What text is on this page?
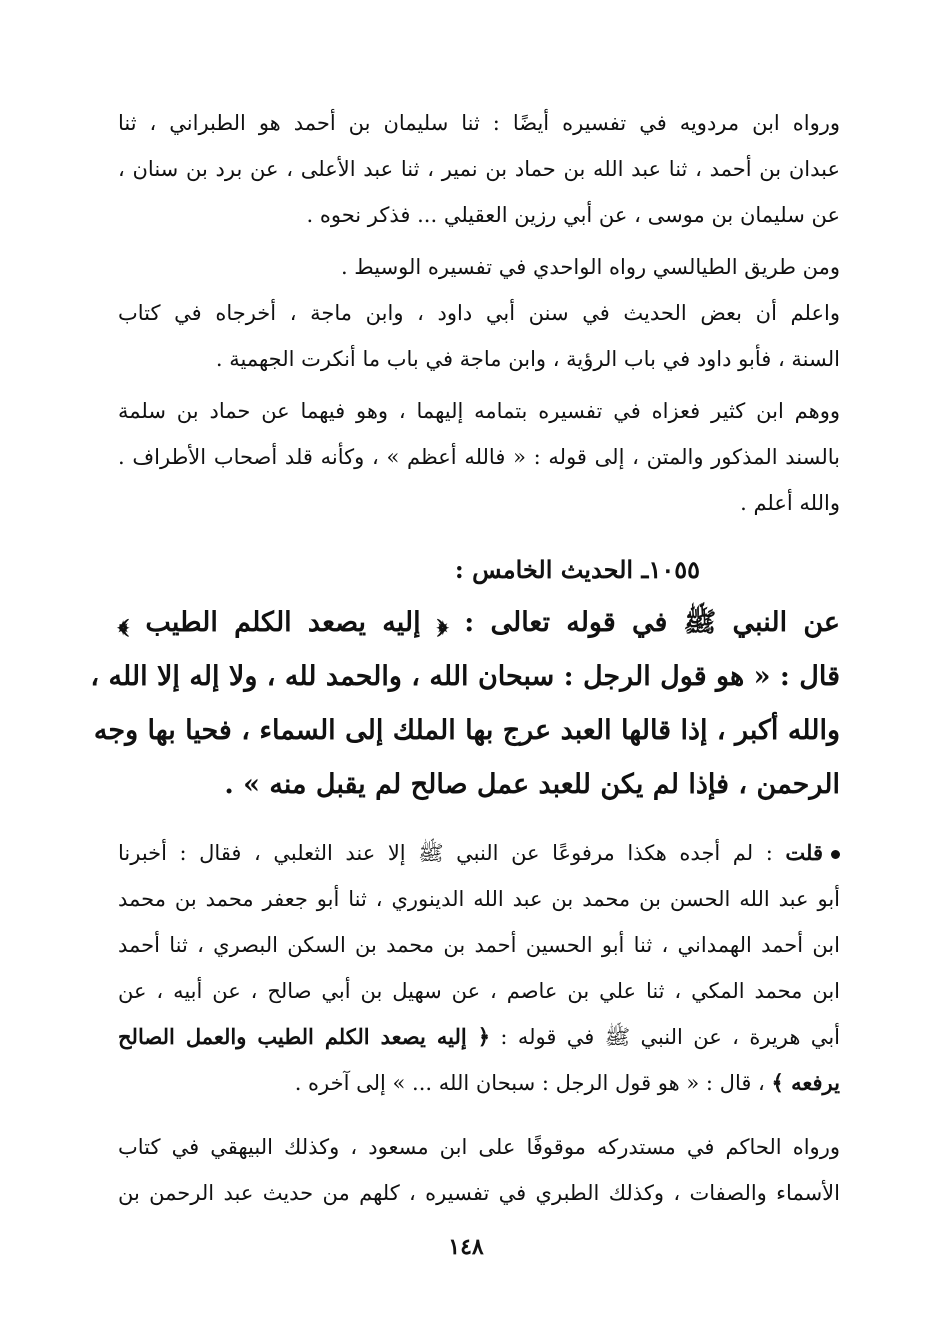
ورواه ابن مردويه في تفسيره أيضًا : ثنا سليمان بن أحمد هو الطبراني ، ثنا
عبدان بن أحمد ، ثنا عبد الله بن حماد بن نمير ، ثنا عبد الأعلى ، عن برد بن سنان ،
عن سليمان بن موسى ، عن أبي رزين العقيلي ... فذكر نحوه .
ومن طريق الطيالسي رواه الواحدي في تفسيره الوسيط .
واعلم أن بعض الحديث في سنن أبي داود ، وابن ماجة ، أخرجاه في كتاب
السنة ، فأبو داود في باب الرؤية ، وابن ماجة في باب ما أنكرت الجهمية .
ووهم ابن كثير فعزاه في تفسيره بتمامه إليهما ، وهو فيهما عن حماد بن سلمة
بالسند المذكور والمتن ، إلى قوله : « فالله أعظم » ، وكأنه قلد أصحاب الأطراف .
والله أعلم .
١٠٥٥ـ الحديث الخامس :
عن النبي ﷺ في قوله تعالى : ﴿ إليه يصعد الكلم الطيب ﴾
قال : « هو قول الرجل : سبحان الله ، والحمد لله ، ولا إله إلا الله ،
والله أكبر ، إذا قالها العبد عرج بها الملك إلى السماء ، فحيا بها وجه
الرحمن ، فإذا لم يكن للعبد عمل صالح لم يقبل منه » .
قلت : لم أجده هكذا مرفوعًا عن النبي ﷺ إلا عند الثعلبي ، فقال : أخبرنا
أبو عبد الله الحسن بن محمد بن عبد الله الدينوري ، ثنا أبو جعفر محمد بن محمد
ابن أحمد الهمداني ، ثنا أبو الحسين أحمد بن محمد بن السكن البصري ، ثنا أحمد
ابن محمد المكي ، ثنا علي بن عاصم ، عن سهيل بن أبي صالح ، عن أبيه ، عن
أبي هريرة ، عن النبي ﷺ في قوله : ﴿ إليه يصعد الكلم الطيب والعمل الصالح
يرفعه ﴾ ، قال : « هو قول الرجل : سبحان الله ... » إلى آخره .
ورواه الحاكم في مستدركه موقوفًا على ابن مسعود ، وكذلك البيهقي في كتاب
الأسماء والصفات ، وكذلك الطبري في تفسيره ، كلهم من حديث عبد الرحمن بن
١٤٨
